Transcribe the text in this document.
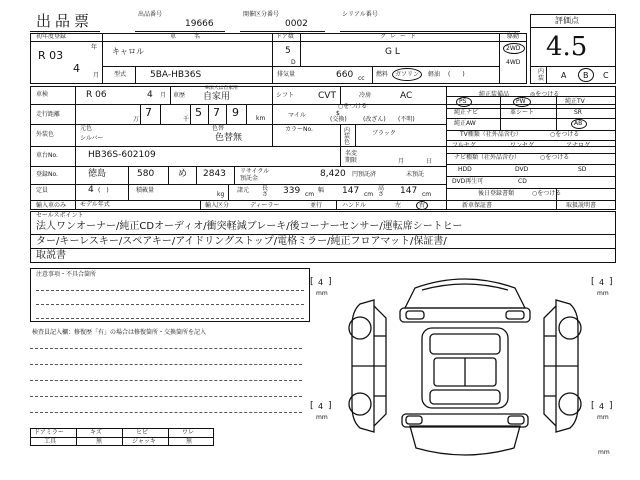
出品票	出品番号
19666
開催区分番号
0002
シリアル番号
評価点
4.5
内装 A B C
初年度登録
R 03
年
4
月
車名
キャロル
ドア数
5
D
グレード
G L
駆動
2WD
4WD
型式	5BA-HB36S	排気量	660 cc
燃料 ガソリン 軽油 (　　)
車検	R 06	4 月 車歴
※法人は自家用
自家用	シフト	CVT	冷房	AC	純正装備品	◎をつける
走行距離
万	千
7	5 7 9	km	マイル
○をつける
$
(交換)	(改ざん) (不明)
PS	PW	純正TV
純正ナビ	革シート	SR
純正AW	AB
外装色
元色
シルバー
色替
色替無
カラーNo.	内装色
ブラック	TV種類（社外品含む）	○をつける
フルセグ	ワンセグ	アナログ
車台No.	HB36S-602109	名変期限	月	日
ナビ種類（社外品含む）	○をつける
HDD	DVD	SD
登録No.	徳島	580	め 2843 リサイクル預託金	8,420 円預託済	未預託
DVD再生可	CD
定員	4 (　)	積載量
kg
諸元 長さ 339 cm
幅 147 cm
高さ 147 cm	後日登録書類	○をつける
輸入車のみ モデル年式	輸入区分	ディーラー	並行	ハンドル	左	右	新車保証書	取扱説明書
セールスポイント
法人ワンオーナー/純正CDオーディオ/衝突軽減ブレーキ/後コーナーセンサー/運転席シートヒー
ター/キーレスキー/スペアキー/アイドリングストップ/電格ミラー/純正フロアマット/保証書/
取説書
注意事項・不具合箇所
検査員記入欄：修復歴「有」の場合は修復箇所・交換箇所を記入
ドアミラー	キズ	ヒビ	ワレ
工具	無	ジャッキ	無
[ 4 ]
mm
[ 4 ]
mm
[ 4 ]
mm
[ 4 ]
mm
mm
